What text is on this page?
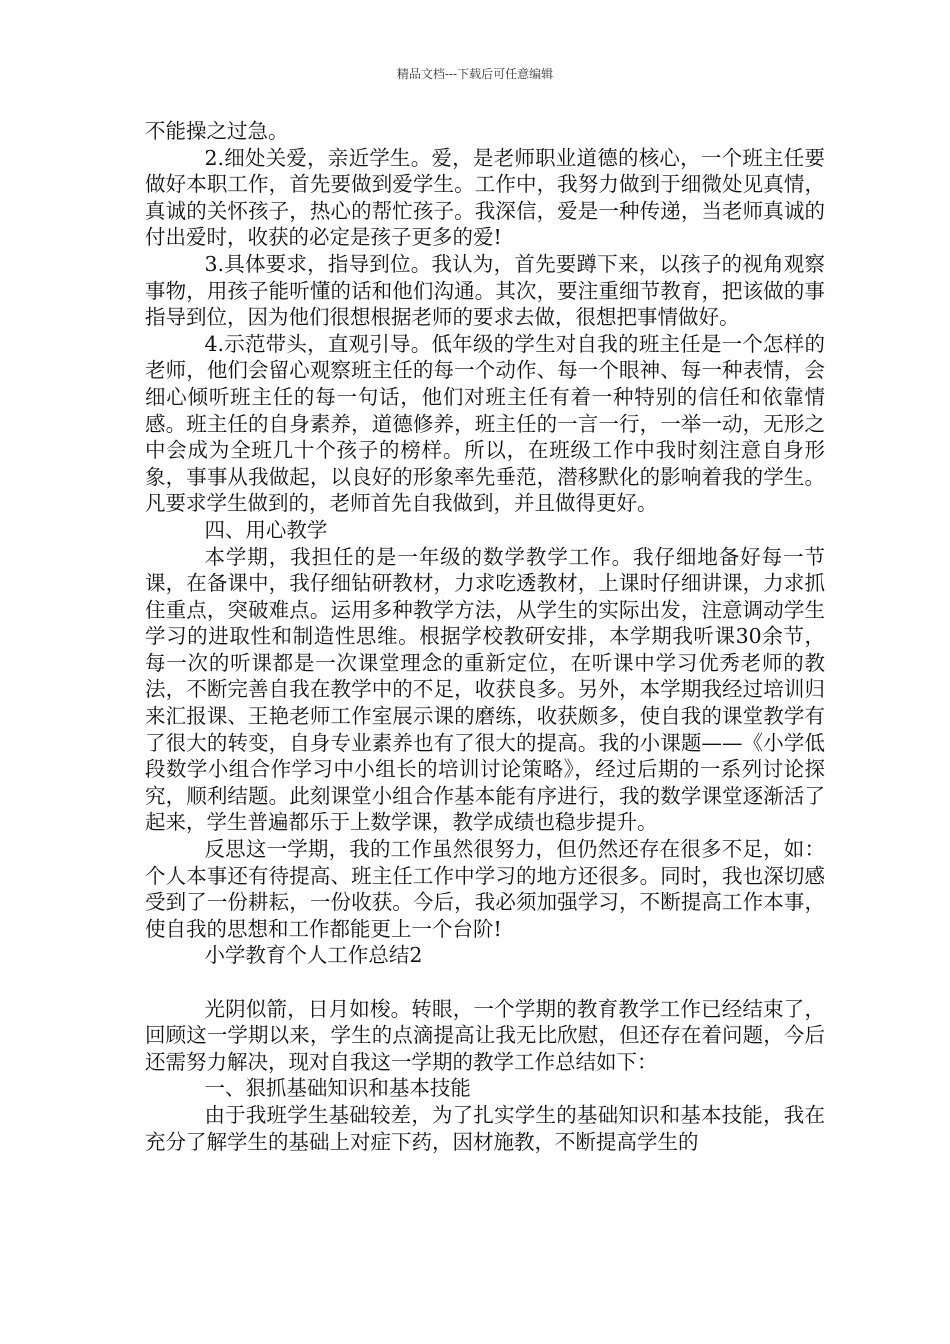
精品文档---下载后可任意编辑

不能操之过急。

2.细处关爱，亲近学生。爱，是老师职业道德的核心，一个班主任要做好本职工作，首先要做到爱学生。工作中，我努力做到于细微处见真情，真诚的关怀孩子，热心的帮忙孩子。我深信，爱是一种传递，当老师真诚的付出爱时，收获的必定是孩子更多的爱!

3.具体要求，指导到位。我认为，首先要蹲下来，以孩子的视角观察事物，用孩子能听懂的话和他们沟通。其次，要注重细节教育，把该做的事指导到位，因为他们很想根据老师的要求去做，很想把事情做好。

4.示范带头，直观引导。低年级的学生对自我的班主任是一个怎样的老师，他们会留心观察班主任的每一个动作、每一个眼神、每一种表情，会细心倾听班主任的每一句话，他们对班主任有着一种特别的信任和依靠情感。班主任的自身素养，道德修养，班主任的一言一行，一举一动，无形之中会成为全班几十个孩子的榜样。所以，在班级工作中我时刻注意自身形象，事事从我做起，以良好的形象率先垂范，潜移默化的影响着我的学生。凡要求学生做到的，老师首先自我做到，并且做得更好。

四、用心教学

本学期，我担任的是一年级的数学教学工作。我仔细地备好每一节课，在备课中，我仔细钻研教材，力求吃透教材，上课时仔细讲课，力求抓住重点，突破难点。运用多种教学方法，从学生的实际出发，注意调动学生学习的进取性和制造性思维。根据学校教研安排，本学期我听课30余节，每一次的听课都是一次课堂理念的重新定位，在听课中学习优秀老师的教法，不断完善自我在教学中的不足，收获良多。另外，本学期我经过培训归来汇报课、王艳老师工作室展示课的磨练，收获颇多，使自我的课堂教学有了很大的转变，自身专业素养也有了很大的提高。我的小课题——《小学低段数学小组合作学习中小组长的培训讨论策略》，经过后期的一系列讨论探究，顺利结题。此刻课堂小组合作基本能有序进行，我的数学课堂逐渐活了起来，学生普遍都乐于上数学课，教学成绩也稳步提升。

反思这一学期，我的工作虽然很努力，但仍然还存在很多不足，如：个人本事还有待提高、班主任工作中学习的地方还很多。同时，我也深切感受到了一份耕耘，一份收获。今后，我必须加强学习，不断提高工作本事，使自我的思想和工作都能更上一个台阶!

小学教育个人工作总结2

光阴似箭，日月如梭。转眼，一个学期的教育教学工作已经结束了，回顾这一学期以来，学生的点滴提高让我无比欣慰，但还存在着问题，今后还需努力解决，现对自我这一学期的教学工作总结如下：

一、狠抓基础知识和基本技能

由于我班学生基础较差，为了扎实学生的基础知识和基本技能，我在充分了解学生的基础上对症下药，因材施教，不断提高学生的
